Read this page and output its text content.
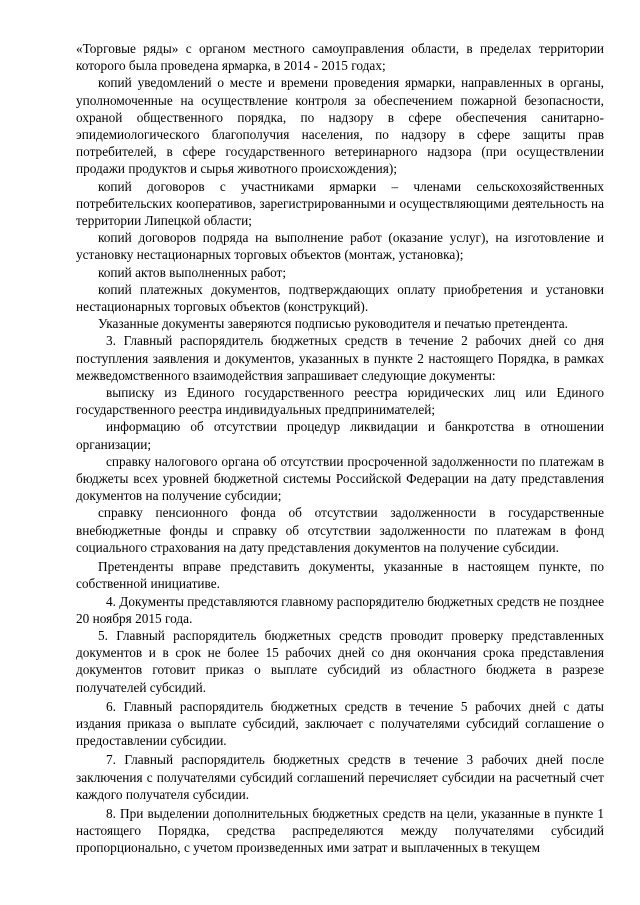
«Торговые ряды» с органом местного самоуправления области, в пределах территории которого была проведена ярмарка, в 2014 - 2015 годах;

копий уведомлений о месте и времени проведения ярмарки, направленных в органы, уполномоченные на осуществление контроля за обеспечением пожарной безопасности, охраной общественного порядка, по надзору в сфере обеспечения санитарно-эпидемиологического благополучия населения, по надзору в сфере защиты прав потребителей, в сфере государственного ветеринарного надзора (при осуществлении продажи продуктов и сырья животного происхождения);

копий договоров с участниками ярмарки – членами сельскохозяйственных потребительских кооперативов, зарегистрированными и осуществляющими деятельность на территории Липецкой области;

копий договоров подряда на выполнение работ (оказание услуг), на изготовление и установку нестационарных торговых объектов (монтаж, установка);

копий актов выполненных работ;

копий платежных документов, подтверждающих оплату приобретения и установки нестационарных торговых объектов (конструкций).

Указанные документы заверяются подписью руководителя и печатью претендента.

3. Главный распорядитель бюджетных средств в течение 2 рабочих дней со дня поступления заявления и документов, указанных в пункте 2 настоящего Порядка, в рамках межведомственного взаимодействия запрашивает следующие документы:

выписку из Единого государственного реестра юридических лиц или Единого государственного реестра индивидуальных предпринимателей;

информацию об отсутствии процедур ликвидации и банкротства в отношении организации;

справку налогового органа об отсутствии просроченной задолженности по платежам в бюджеты всех уровней бюджетной системы Российской Федерации на дату представления документов на получение субсидии;

справку пенсионного фонда об отсутствии задолженности в государственные внебюджетные фонды и справку об отсутствии задолженности по платежам в фонд социального страхования на дату представления документов на получение субсидии.

Претенденты вправе представить документы, указанные в настоящем пункте, по собственной инициативе.

4. Документы представляются главному распорядителю бюджетных средств не позднее 20 ноября 2015 года.

5. Главный распорядитель бюджетных средств проводит проверку представленных документов и в срок не более 15 рабочих дней со дня окончания срока представления документов готовит приказ о выплате субсидий из областного бюджета в разрезе получателей субсидий.

6. Главный распорядитель бюджетных средств в течение 5 рабочих дней с даты издания приказа о выплате субсидий, заключает с получателями субсидий соглашение о предоставлении субсидии.

7. Главный распорядитель бюджетных средств в течение 3 рабочих дней после заключения с получателями субсидий соглашений перечисляет субсидии на расчетный счет каждого получателя субсидии.

8. При выделении дополнительных бюджетных средств на цели, указанные в пункте 1 настоящего Порядка, средства распределяются между получателями субсидий пропорционально, с учетом произведенных ими затрат и выплаченных в текущем
